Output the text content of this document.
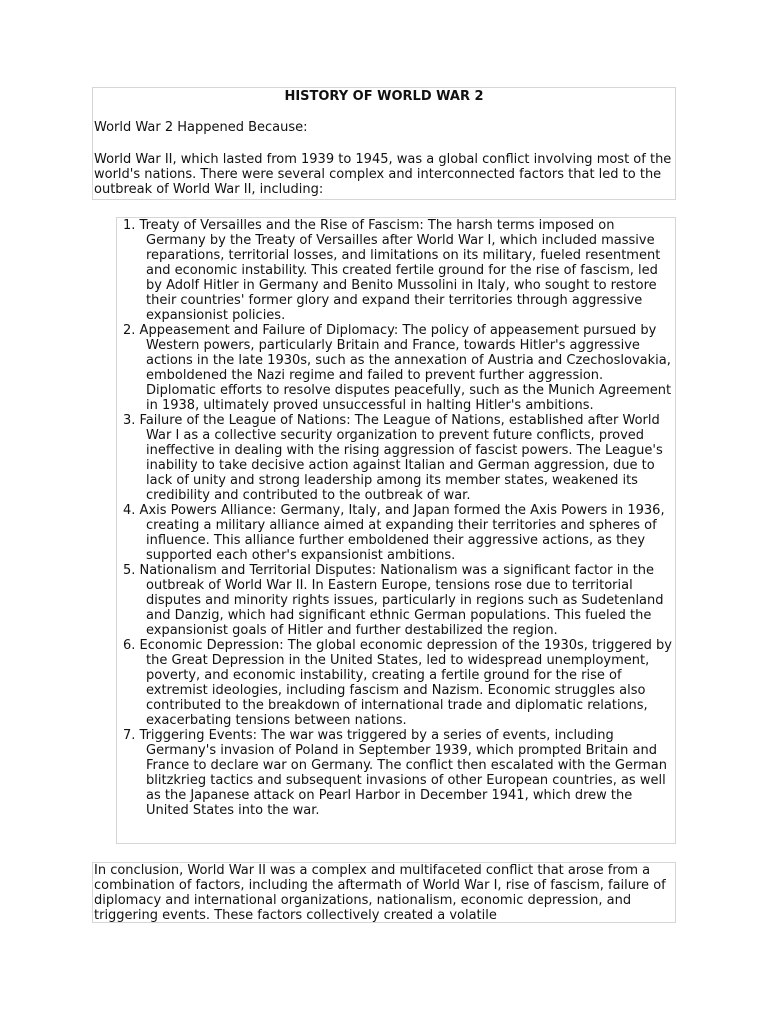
HISTORY OF WORLD WAR 2

World War 2 Happened Because:

World War II, which lasted from 1939 to 1945, was a global conflict involving most of the world's nations. There were several complex and interconnected factors that led to the outbreak of World War II, including:

1. Treaty of Versailles and the Rise of Fascism: The harsh terms imposed on Germany by the Treaty of Versailles after World War I, which included massive reparations, territorial losses, and limitations on its military, fueled resentment and economic instability. This created fertile ground for the rise of fascism, led by Adolf Hitler in Germany and Benito Mussolini in Italy, who sought to restore their countries' former glory and expand their territories through aggressive expansionist policies.
2. Appeasement and Failure of Diplomacy: The policy of appeasement pursued by Western powers, particularly Britain and France, towards Hitler's aggressive actions in the late 1930s, such as the annexation of Austria and Czechoslovakia, emboldened the Nazi regime and failed to prevent further aggression. Diplomatic efforts to resolve disputes peacefully, such as the Munich Agreement in 1938, ultimately proved unsuccessful in halting Hitler's ambitions.
3. Failure of the League of Nations: The League of Nations, established after World War I as a collective security organization to prevent future conflicts, proved ineffective in dealing with the rising aggression of fascist powers. The League's inability to take decisive action against Italian and German aggression, due to lack of unity and strong leadership among its member states, weakened its credibility and contributed to the outbreak of war.
4. Axis Powers Alliance: Germany, Italy, and Japan formed the Axis Powers in 1936, creating a military alliance aimed at expanding their territories and spheres of influence. This alliance further emboldened their aggressive actions, as they supported each other's expansionist ambitions.
5. Nationalism and Territorial Disputes: Nationalism was a significant factor in the outbreak of World War II. In Eastern Europe, tensions rose due to territorial disputes and minority rights issues, particularly in regions such as Sudetenland and Danzig, which had significant ethnic German populations. This fueled the expansionist goals of Hitler and further destabilized the region.
6. Economic Depression: The global economic depression of the 1930s, triggered by the Great Depression in the United States, led to widespread unemployment, poverty, and economic instability, creating a fertile ground for the rise of extremist ideologies, including fascism and Nazism. Economic struggles also contributed to the breakdown of international trade and diplomatic relations, exacerbating tensions between nations.
7. Triggering Events: The war was triggered by a series of events, including Germany's invasion of Poland in September 1939, which prompted Britain and France to declare war on Germany. The conflict then escalated with the German blitzkrieg tactics and subsequent invasions of other European countries, as well as the Japanese attack on Pearl Harbor in December 1941, which drew the United States into the war.

In conclusion, World War II was a complex and multifaceted conflict that arose from a combination of factors, including the aftermath of World War I, rise of fascism, failure of diplomacy and international organizations, nationalism, economic depression, and triggering events. These factors collectively created a volatile
